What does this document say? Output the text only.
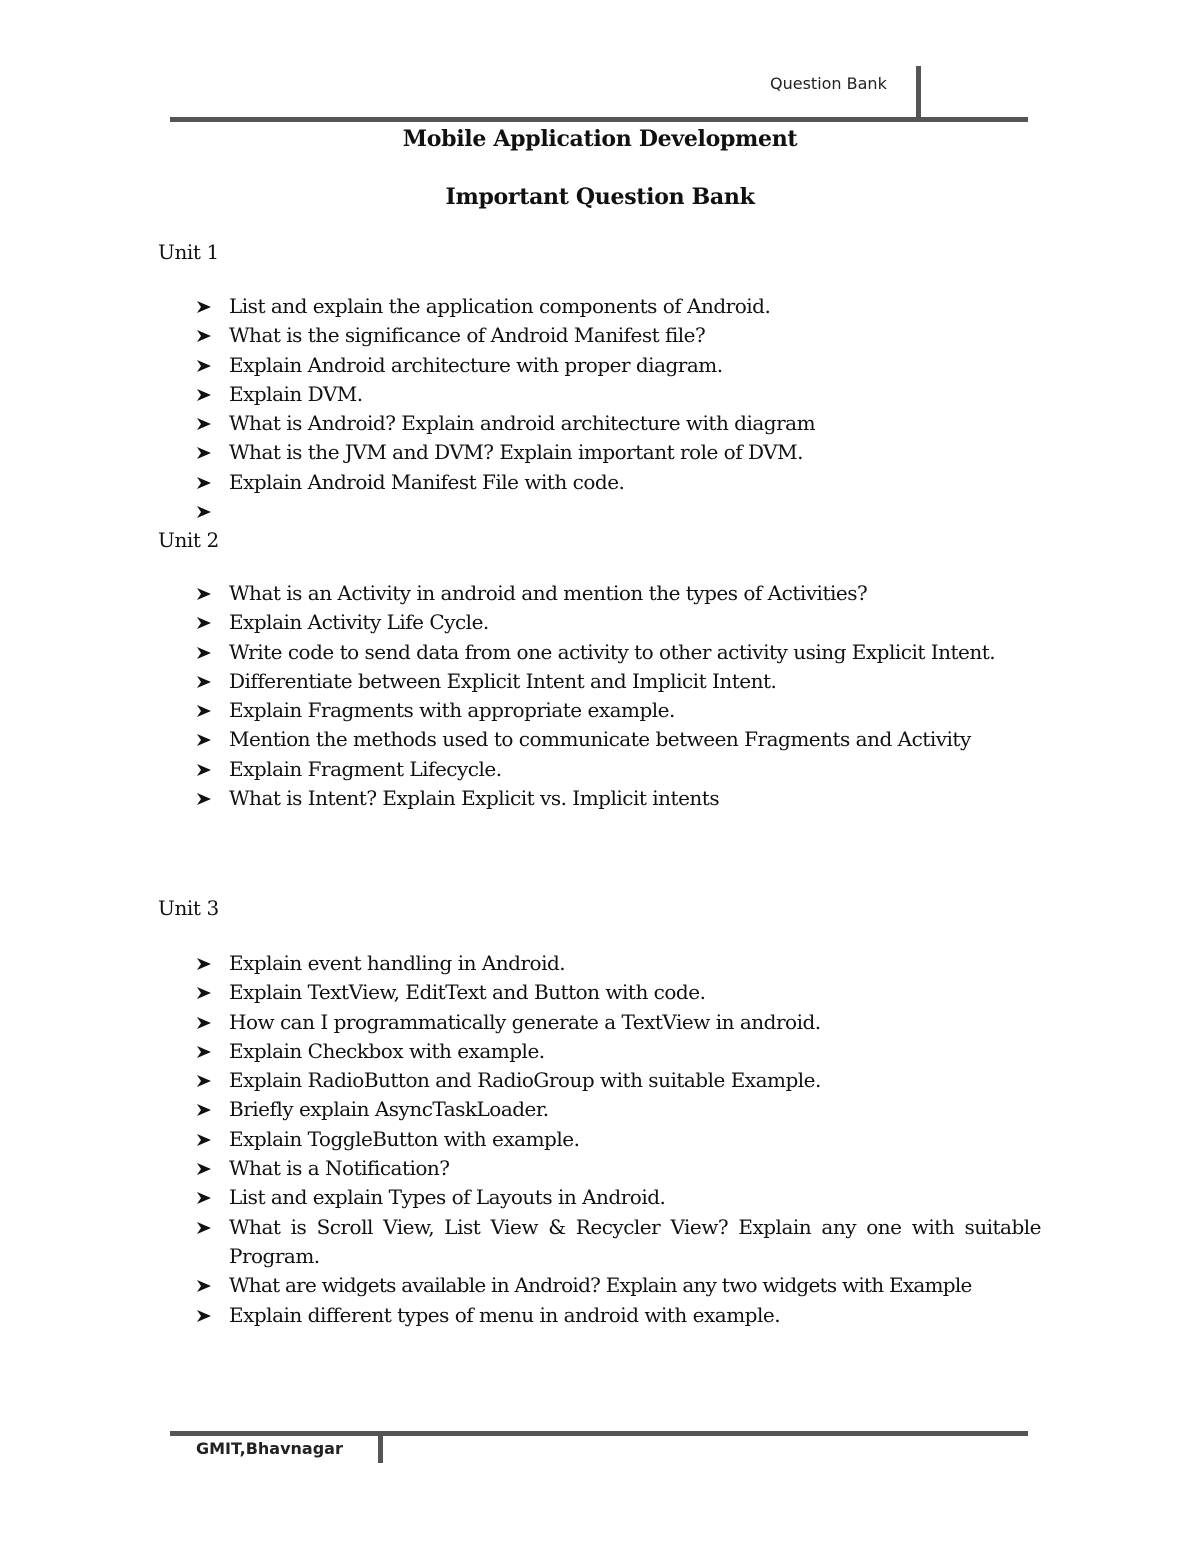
Question Bank
Mobile Application Development
Important Question Bank
Unit 1
List and explain the application components of Android.
What is the significance of Android Manifest file?
Explain Android architecture with proper diagram.
Explain DVM.
What is Android? Explain android architecture with diagram
What is the JVM and DVM? Explain important role of DVM.
Explain Android Manifest File with code.
Unit 2
What is an Activity in android and mention the types of Activities?
Explain Activity Life Cycle.
Write code to send data from one activity to other activity using Explicit Intent.
Differentiate between Explicit Intent and Implicit Intent.
Explain Fragments with appropriate example.
Mention the methods used to communicate between Fragments and Activity
Explain Fragment Lifecycle.
What is Intent? Explain Explicit vs. Implicit intents
Unit 3
Explain event handling in Android.
Explain TextView, EditText and Button with code.
How can I programmatically generate a TextView in android.
Explain Checkbox with example.
Explain RadioButton and RadioGroup with suitable Example.
Briefly explain AsyncTaskLoader.
Explain ToggleButton with example.
What is a Notification?
List and explain Types of Layouts in Android.
What is Scroll View, List View & Recycler View? Explain any one with suitable Program.
What are widgets available in Android? Explain any two widgets with Example
Explain different types of menu in android with example.
GMIT,Bhavnagar
